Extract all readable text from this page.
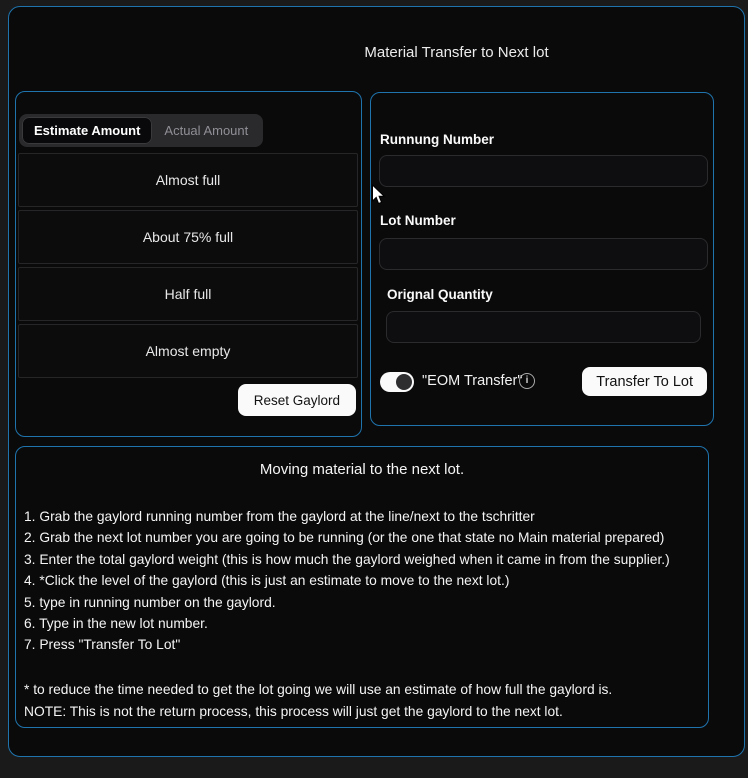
Material Transfer to Next lot
Estimate Amount	Actual Amount
Almost full
About 75% full
Half full
Almost empty
Reset Gaylord
Runnung Number
Lot Number
Orignal Quantity
"EOM Transfer" i	Transfer To Lot
Moving material to the next lot.
1. Grab the gaylord running number from the gaylord at the line/next to the tschritter
2. Grab the next lot number you are going to be running (or the one that state no Main material prepared)
3. Enter the total gaylord weight (this is how much the gaylord weighed when it came in from the supplier.)
4. *Click the level of the gaylord (this is just an estimate to move to the next lot.)
5. type in running number on the gaylord.
6. Type in the new lot number.
7. Press "Transfer To Lot"
* to reduce the time needed to get the lot going we will use an estimate of how full the gaylord is.
NOTE: This is not the return process, this process will just get the gaylord to the next lot.
